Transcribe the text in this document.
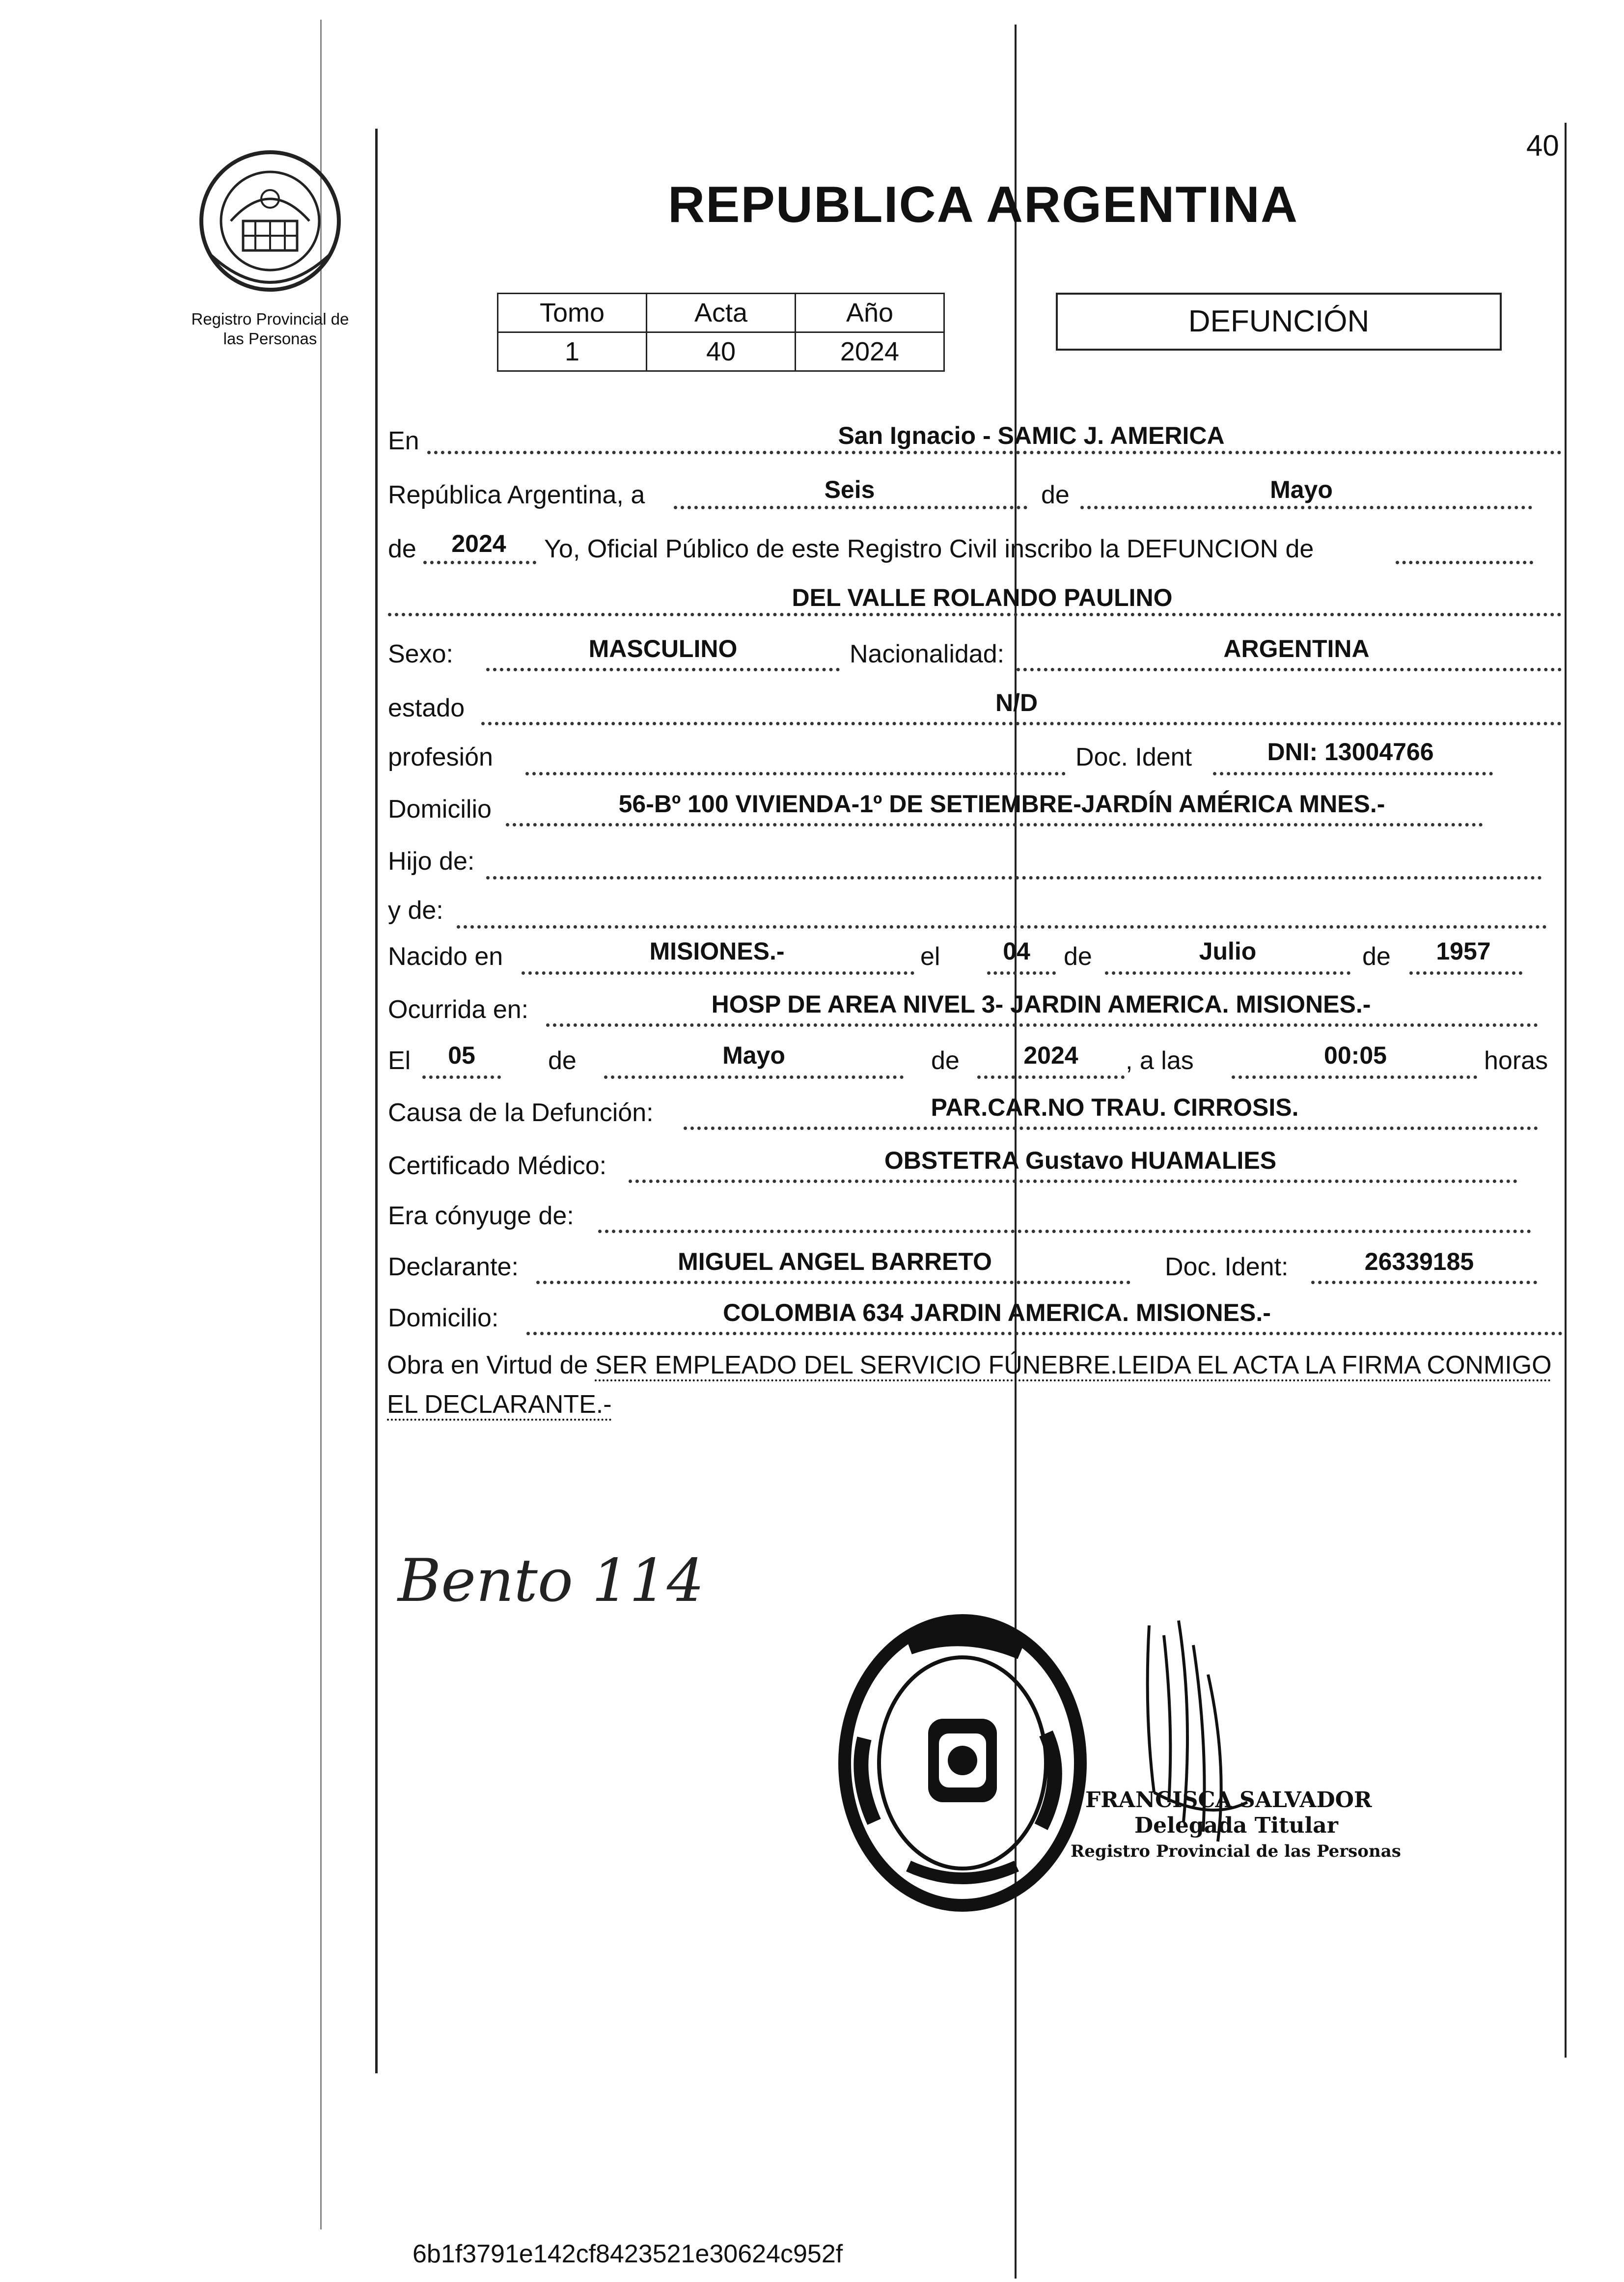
40
Registro Provincial de
las Personas
REPUBLICA ARGENTINA
Tomo	Acta	Año
1	40	2024
DEFUNCIÓN
En	San Ignacio - SAMIC J. AMERICA
República Argentina, a	Seis	de	Mayo
de	2024	Yo, Oficial Público de este Registro Civil inscribo la DEFUNCION de
DEL VALLE ROLANDO PAULINO
Sexo:	MASCULINO	Nacionalidad:	ARGENTINA
estado	N/D
profesión	Doc. Ident	DNI: 13004766
Domicilio	56-Bº 100 VIVIENDA-1º DE SETIEMBRE-JARDÍN AMÉRICA MNES.-
Hijo de:
y de:
Nacido en	MISIONES.-	el	04	de	Julio	de	1957
Ocurrida en:	HOSP DE AREA NIVEL 3- JARDIN AMERICA. MISIONES.-
El	05	de	Mayo	de	2024	, a las	00:05	horas
Causa de la Defunción:	PAR.CAR.NO TRAU. CIRROSIS.
Certificado Médico:	OBSTETRA Gustavo HUAMALIES
Era cónyuge de:
Declarante:	MIGUEL ANGEL BARRETO	Doc. Ident:	26339185
Domicilio:	COLOMBIA 634 JARDIN AMERICA. MISIONES.-
Obra en Virtud de SER EMPLEADO DEL SERVICIO FÚNEBRE.LEIDA EL ACTA LA FIRMA CONMIGO EL DECLARANTE.-
Bento 114
FRANCISCA SALVADOR
Delegada Titular
Registro Provincial de las Personas
6b1f3791e142cf8423521e30624c952f
